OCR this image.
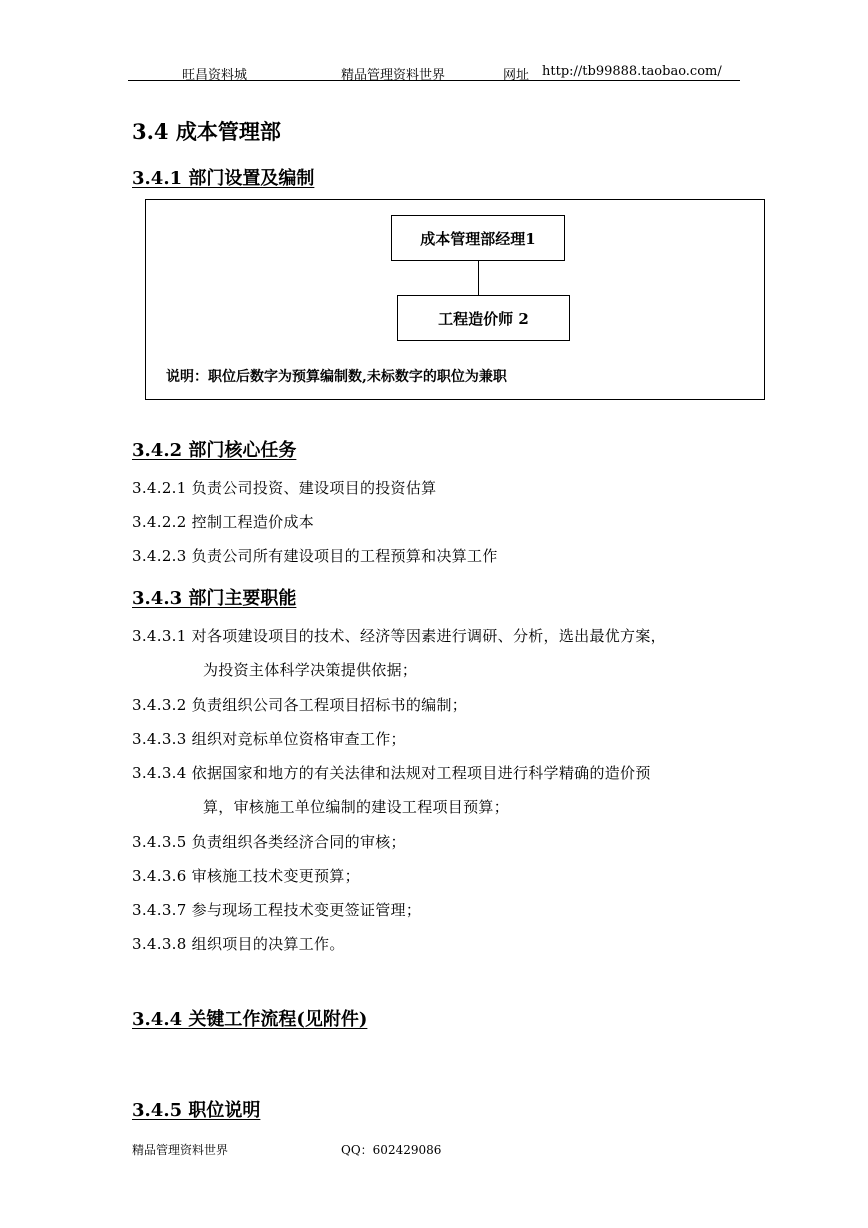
旺昌资料城	精品管理资料世界	网址 http://tb99888.taobao.com/
3.4 成本管理部
3.4.1 部门设置及编制
成本管理部经理1
工程造价师 2
说明：职位后数字为预算编制数,未标数字的职位为兼职
3.4.2 部门核心任务
3.4.2.1 负责公司投资、建设项目的投资估算
3.4.2.2 控制工程造价成本
3.4.2.3 负责公司所有建设项目的工程预算和决算工作
3.4.3 部门主要职能
3.4.3.1 对各项建设项目的技术、经济等因素进行调研、分析，选出最优方案，
为投资主体科学决策提供依据；
3.4.3.2 负责组织公司各工程项目招标书的编制；
3.4.3.3 组织对竞标单位资格审查工作；
3.4.3.4 依据国家和地方的有关法律和法规对工程项目进行科学精确的造价预
算，审核施工单位编制的建设工程项目预算；
3.4.3.5 负责组织各类经济合同的审核；
3.4.3.6 审核施工技术变更预算；
3.4.3.7 参与现场工程技术变更签证管理；
3.4.3.8 组织项目的决算工作。
3.4.4 关键工作流程(见附件)
3.4.5 职位说明
精品管理资料世界	QQ：602429086
